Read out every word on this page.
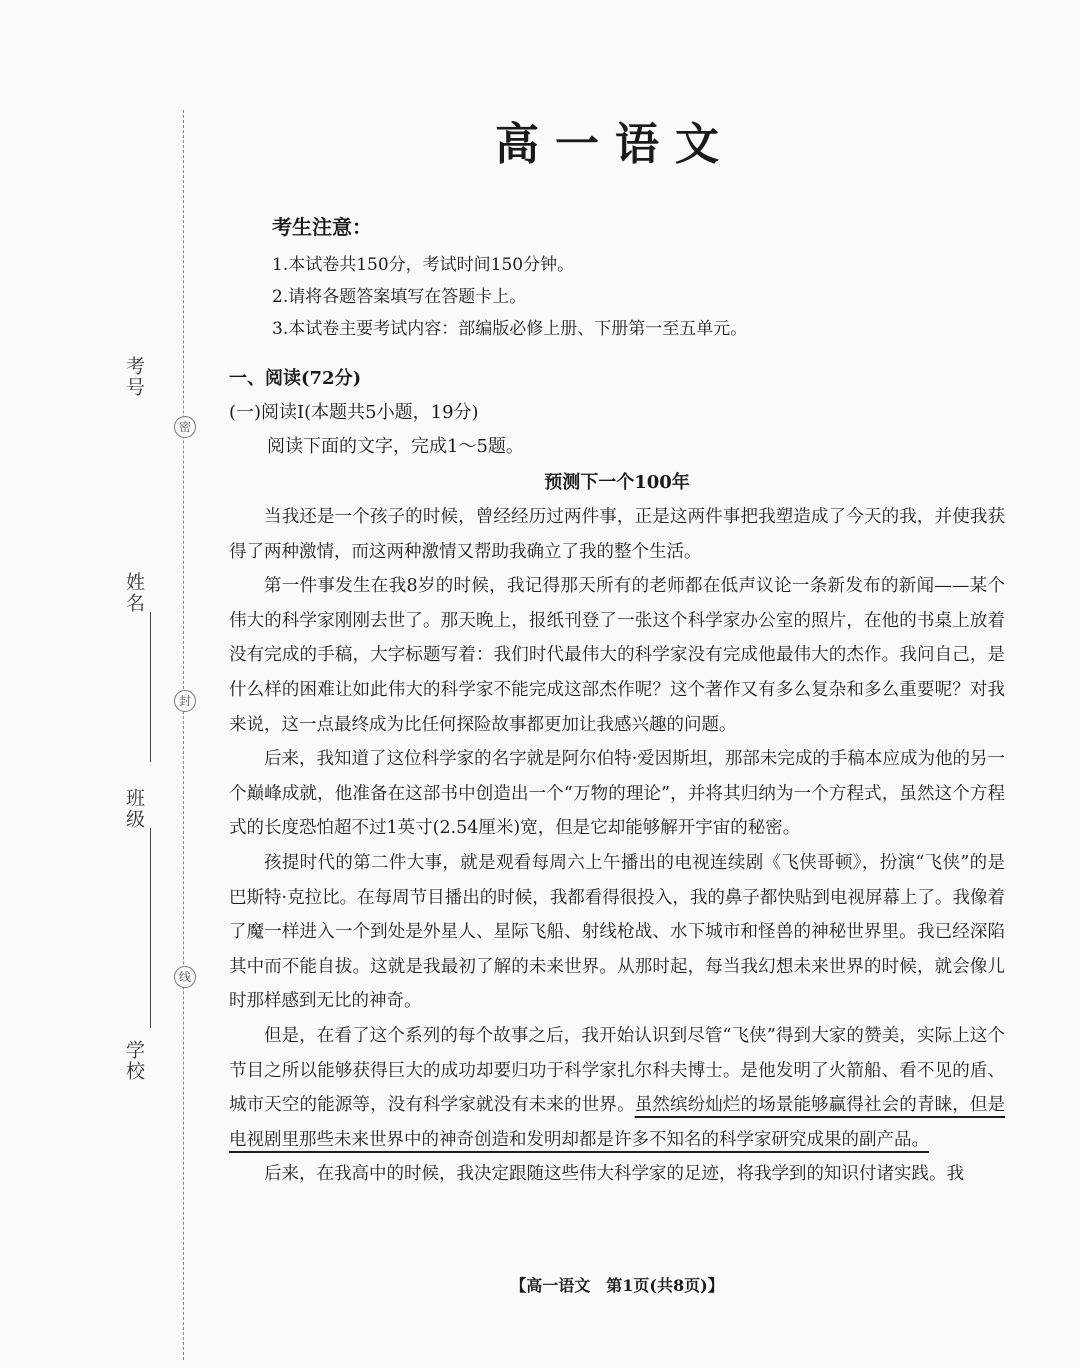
考号
姓名
班级
学校
密
封
线
高一语文
考生注意：

1.本试卷共150分，考试时间150分钟。

2.请将各题答案填写在答题卡上。

3.本试卷主要考试内容：部编版必修上册、下册第一至五单元。

一、阅读(72分)
(一)阅读Ⅰ(本题共5小题，19分)
阅读下面的文字，完成1～5题。
预测下一个100年

当我还是一个孩子的时候，曾经经历过两件事，正是这两件事把我塑造成了今天的我，并使我获得了两种激情，而这两种激情又帮助我确立了我的整个生活。

第一件事发生在我8岁的时候，我记得那天所有的老师都在低声议论一条新发布的新闻——某个伟大的科学家刚刚去世了。那天晚上，报纸刊登了一张这个科学家办公室的照片，在他的书桌上放着没有完成的手稿，大字标题写着：我们时代最伟大的科学家没有完成他最伟大的杰作。我问自己，是什么样的困难让如此伟大的科学家不能完成这部杰作呢？这个著作又有多么复杂和多么重要呢？对我来说，这一点最终成为比任何探险故事都更加让我感兴趣的问题。

后来，我知道了这位科学家的名字就是阿尔伯特·爱因斯坦，那部未完成的手稿本应成为他的另一个巅峰成就，他准备在这部书中创造出一个“万物的理论”，并将其归纳为一个方程式，虽然这个方程式的长度恐怕超不过1英寸(2.54厘米)宽，但是它却能够解开宇宙的秘密。

孩提时代的第二件大事，就是观看每周六上午播出的电视连续剧《飞侠哥顿》，扮演“飞侠”的是巴斯特·克拉比。在每周节目播出的时候，我都看得很投入，我的鼻子都快贴到电视屏幕上了。我像着了魔一样进入一个到处是外星人、星际飞船、射线枪战、水下城市和怪兽的神秘世界里。我已经深陷其中而不能自拔。这就是我最初了解的未来世界。从那时起，每当我幻想未来世界的时候，就会像儿时那样感到无比的神奇。

但是，在看了这个系列的每个故事之后，我开始认识到尽管“飞侠”得到大家的赞美，实际上这个节目之所以能够获得巨大的成功却要归功于科学家扎尔科夫博士。是他发明了火箭船、看不见的盾、城市天空的能源等，没有科学家就没有未来的世界。虽然缤纷灿烂的场景能够赢得社会的青睐，但是电视剧里那些未来世界中的神奇创造和发明却都是许多不知名的科学家研究成果的副产品。

后来，在我高中的时候，我决定跟随这些伟大科学家的足迹，将我学到的知识付诸实践。我

【高一语文　第1页(共8页)】
